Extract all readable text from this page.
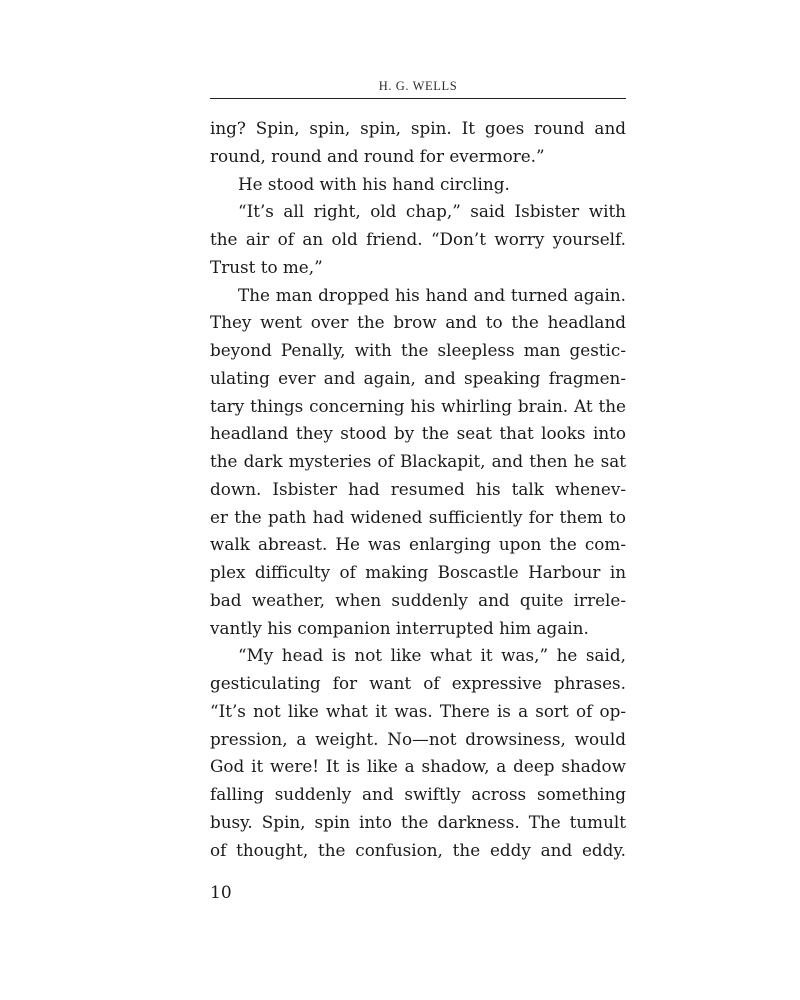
H. G. WELLS
ing? Spin, spin, spin, spin. It goes round and
round, round and round for evermore.”
He stood with his hand circling.
“It’s all right, old chap,” said Isbister with
the air of an old friend. “Don’t worry yourself.
Trust to me,”
The man dropped his hand and turned again.
They went over the brow and to the headland
beyond Penally, with the sleepless man gestic-
ulating ever and again, and speaking fragmen-
tary things concerning his whirling brain. At the
headland they stood by the seat that looks into
the dark mysteries of Blackapit, and then he sat
down. Isbister had resumed his talk whenev-
er the path had widened sufficiently for them to
walk abreast. He was enlarging upon the com-
plex difficulty of making Boscastle Harbour in
bad weather, when suddenly and quite irrele-
vantly his companion interrupted him again.
“My head is not like what it was,” he said,
gesticulating for want of expressive phrases.
“It’s not like what it was. There is a sort of op-
pression, a weight. No—not drowsiness, would
God it were! It is like a shadow, a deep shadow
falling suddenly and swiftly across something
busy. Spin, spin into the darkness. The tumult
of thought, the confusion, the eddy and eddy.
10
